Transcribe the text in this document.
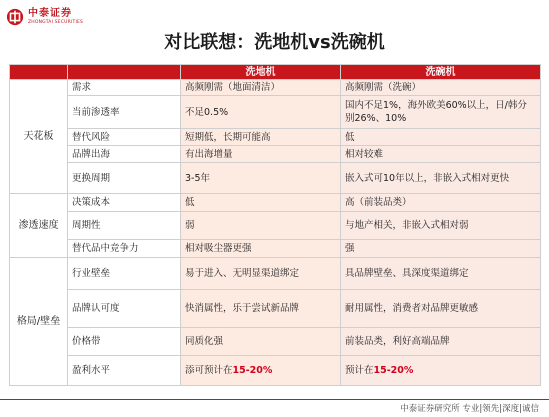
中泰证券
ZHONGTAI SECURITIES
对比联想：洗地机vs洗碗机
		洗地机	洗碗机
天花板	需求	高频刚需（地面清洁）	高频刚需（洗碗）
	当前渗透率	不足0.5%	国内不足1%，海外欧美60%以上，日/韩分别26%、10%
	替代风险	短期低，长期可能高	低
	品牌出海	有出海增量	相对较难
	更换周期	3-5年	嵌入式可10年以上，非嵌入式相对更快
渗透速度	决策成本	低	高（前装品类）
	周期性	弱	与地产相关，非嵌入式相对弱
	替代品中竞争力	相对吸尘器更强	强
格局/壁垒	行业壁垒	易于进入、无明显渠道绑定	具品牌壁垒、具深度渠道绑定
	品牌认可度	快消属性，乐于尝试新品牌	耐用属性，消费者对品牌更敏感
	价格带	同质化强	前装品类，利好高端品牌
	盈利水平	添可预计在15-20%	预计在15-20%
中泰证券研究所 专业|领先|深度|诚信
